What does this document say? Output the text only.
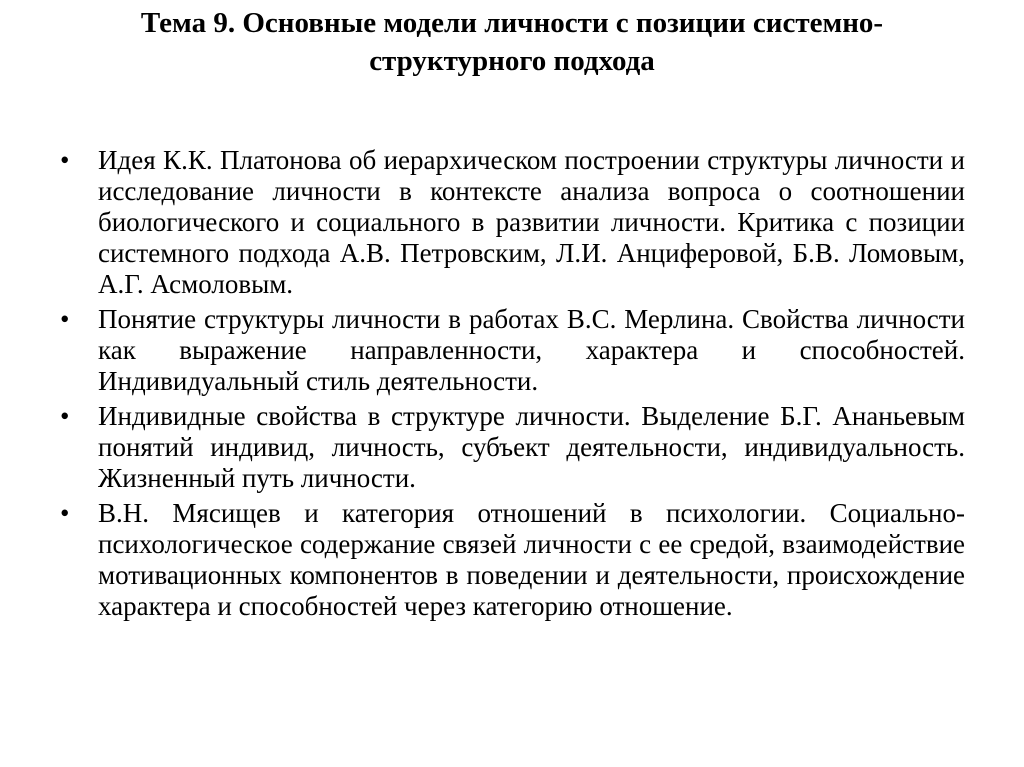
Тема 9. Основные модели личности с позиции системно-
структурного подхода
•	Идея К.К. Платонова об иерархическом построении структуры личности и исследование личности в контексте анализа вопроса о соотношении биологического и социального в развитии личности. Критика с позиции системного подхода А.В. Петровским, Л.И. Анциферовой, Б.В. Ломовым, А.Г. Асмоловым.
•	Понятие структуры личности в работах В.С. Мерлина. Свойства личности как выражение направленности, характера и способностей. Индивидуальный стиль деятельности.
•	Индивидные свойства в структуре личности. Выделение Б.Г. Ананьевым понятий индивид, личность, субъект деятельности, индивидуальность. Жизненный путь личности.
•	В.Н. Мясищев и категория отношений в психологии. Социально-психологическое содержание связей личности с ее средой, взаимодействие мотивационных компонентов в поведении и деятельности, происхождение характера и способностей через категорию отношение.
